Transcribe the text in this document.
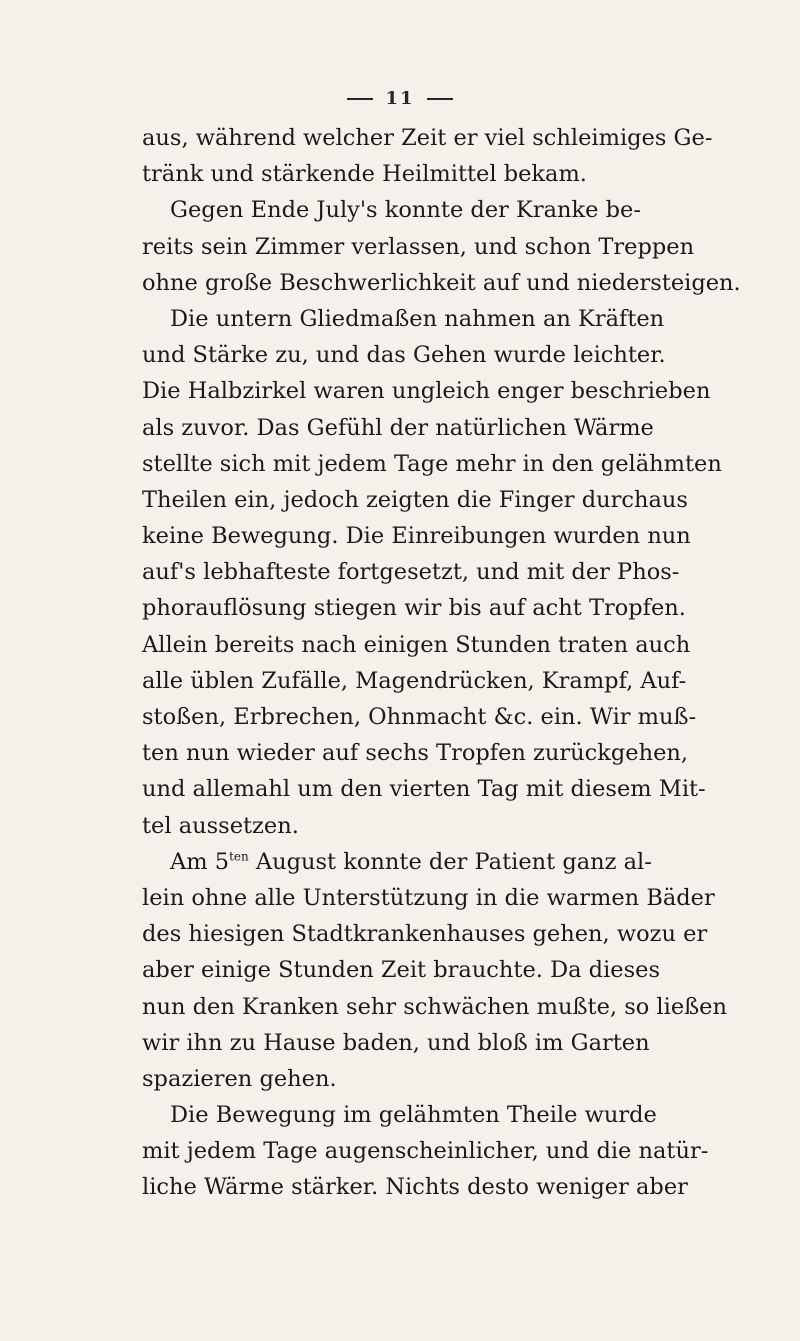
11
aus, während welcher Zeit er viel schleimiges Ge-
tränk und stärkende Heilmittel bekam.
Gegen Ende July's konnte der Kranke be-
reits sein Zimmer verlassen, und schon Treppen
ohne große Beschwerlichkeit auf und niedersteigen.
Die untern Gliedmaßen nahmen an Kräften
und Stärke zu, und das Gehen wurde leichter.
Die Halbzirkel waren ungleich enger beschrieben
als zuvor. Das Gefühl der natürlichen Wärme
stellte sich mit jedem Tage mehr in den gelähmten
Theilen ein, jedoch zeigten die Finger durchaus
keine Bewegung. Die Einreibungen wurden nun
auf's lebhafteste fortgesetzt, und mit der Phos-
phorauflösung stiegen wir bis auf acht Tropfen.
Allein bereits nach einigen Stunden traten auch
alle üblen Zufälle, Magendrücken, Krampf, Auf-
stoßen, Erbrechen, Ohnmacht &c. ein. Wir muß-
ten nun wieder auf sechs Tropfen zurückgehen,
und allemahl um den vierten Tag mit diesem Mit-
tel aussetzen.
Am $5^{ten}$ August konnte der Patient ganz al-
lein ohne alle Unterstützung in die warmen Bäder
des hiesigen Stadtkrankenhauses gehen, wozu er
aber einige Stunden Zeit brauchte. Da dieses
nun den Kranken sehr schwächen mußte, so ließen
wir ihn zu Hause baden, und bloß im Garten
spazieren gehen.
Die Bewegung im gelähmten Theile wurde
mit jedem Tage augenscheinlicher, und die natür-
liche Wärme stärker. Nichts desto weniger aber
